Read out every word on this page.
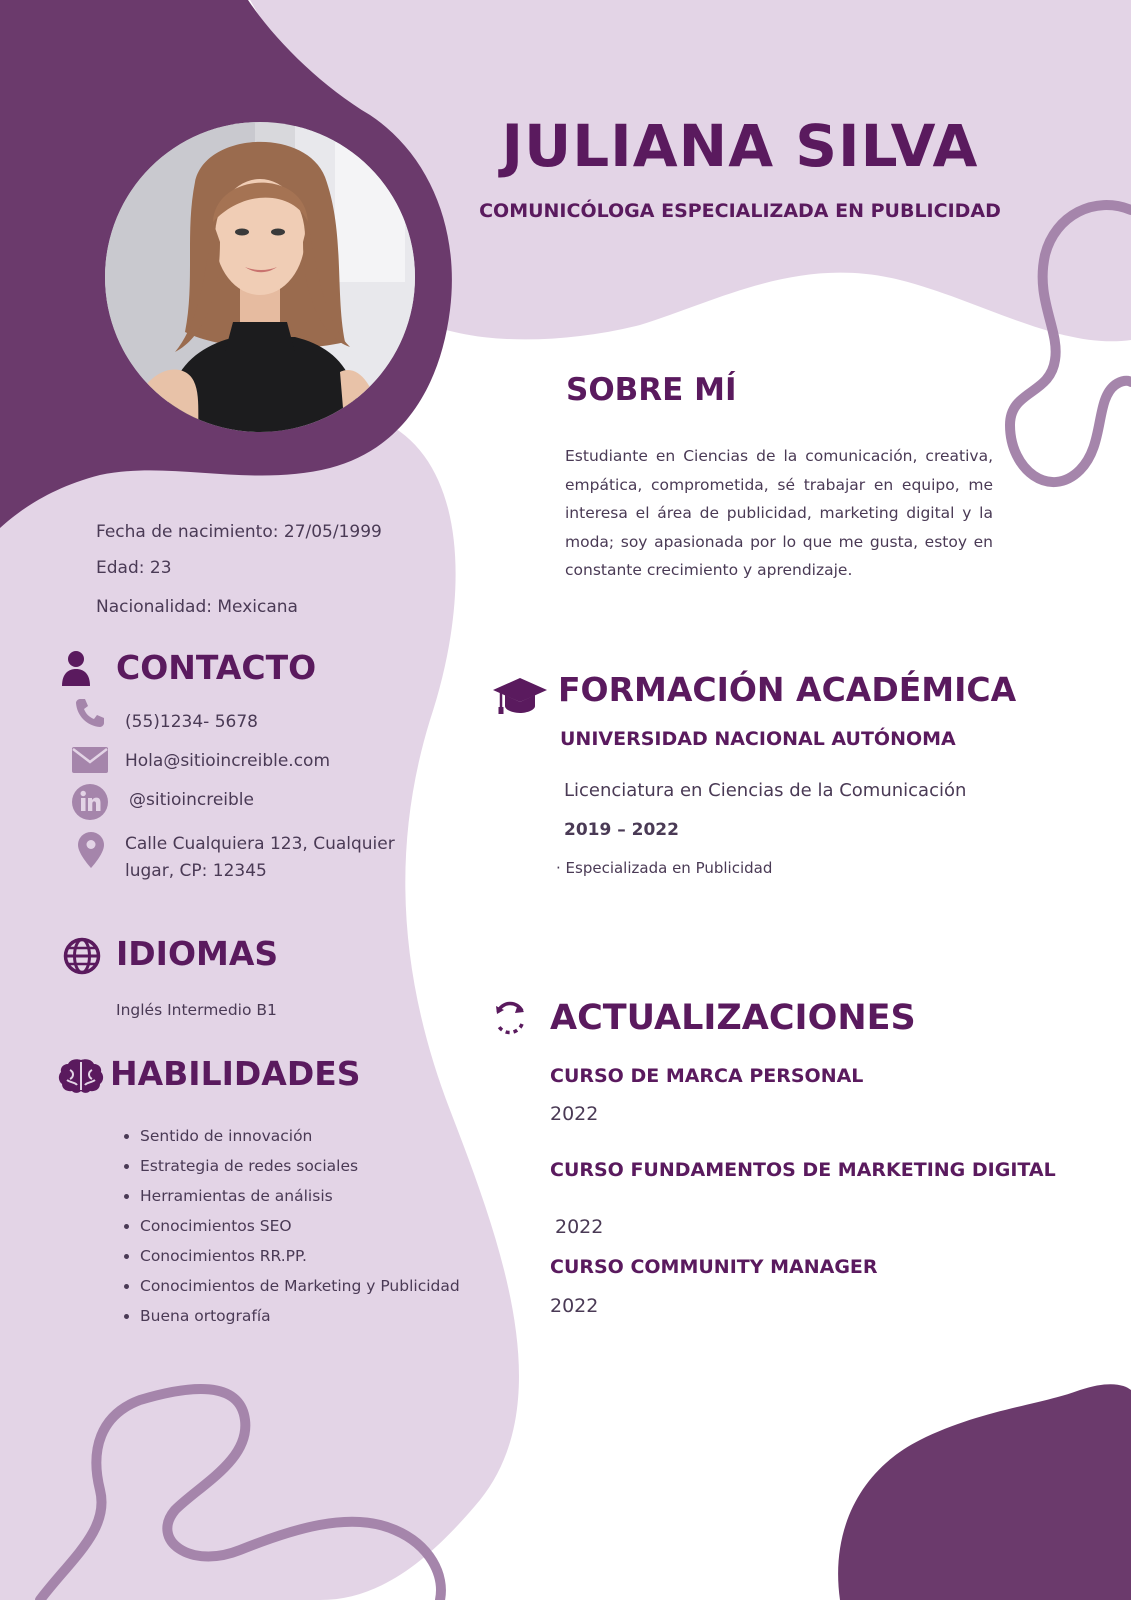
JULIANA SILVA
COMUNICÓLOGA ESPECIALIZADA EN PUBLICIDAD
Fecha de nacimiento: 27/05/1999
Edad: 23
Nacionalidad: Mexicana
CONTACTO
(55)1234- 5678
Hola@sitioincreible.com
@sitioincreible
Calle Cualquiera 123, Cualquier
lugar, CP: 12345
IDIOMAS
Inglés Intermedio B1
HABILIDADES
• Sentido de innovación
• Estrategia de redes sociales
• Herramientas de análisis
• Conocimientos SEO
• Conocimientos RR.PP.
• Conocimientos de Marketing y Publicidad
• Buena ortografía
SOBRE MÍ
Estudiante en Ciencias de la comunicación, creativa, empática, comprometida, sé trabajar en equipo, me interesa el área de publicidad, marketing digital y la moda; soy apasionada por lo que me gusta, estoy en constante crecimiento y aprendizaje.
FORMACIÓN ACADÉMICA
UNIVERSIDAD NACIONAL AUTÓNOMA
Licenciatura en Ciencias de la Comunicación
2019 – 2022
· Especializada en Publicidad
ACTUALIZACIONES
CURSO DE MARCA PERSONAL
2022
CURSO FUNDAMENTOS DE MARKETING DIGITAL
2022
CURSO COMMUNITY MANAGER
2022
